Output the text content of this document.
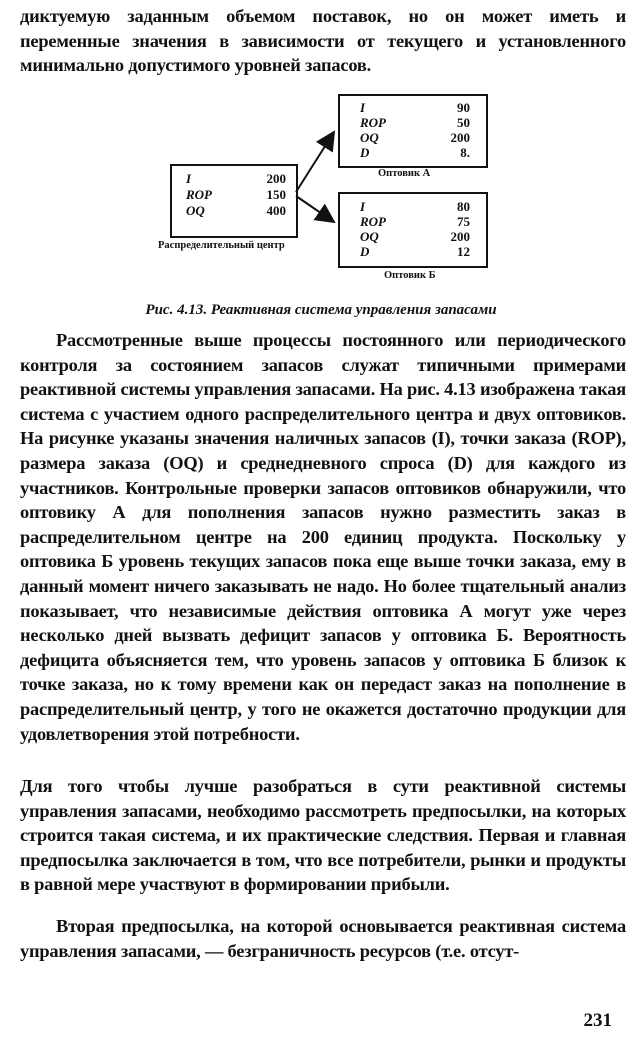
диктуемую заданным объемом поставок, но он может иметь и переменные значения в зависимости от текущего и установленного минимально допустимого уровней запасов.

I	200
ROP	150
OQ	400
Распределительный центр
I	90
ROP	50
OQ	200
D	8.
Оптовик А
I	80
ROP	75
OQ	200
D	12
Оптовик Б
Рис. 4.13. Реактивная система управления запасами

Рассмотренные выше процессы постоянного или периодического контроля за состоянием запасов служат типичными примерами реактивной системы управления запасами. На рис. 4.13 изображена такая система с участием одного распределительного центра и двух оптовиков. На рисунке указаны значения наличных запасов (I), точки заказа (ROP), размера заказа (OQ) и среднедневного спроса (D) для каждого из участников. Контрольные проверки запасов оптовиков обнаружили, что оптовику А для пополнения запасов нужно разместить заказ в распределительном центре на 200 единиц продукта. Поскольку у оптовика Б уровень текущих запасов пока еще выше точки заказа, ему в данный момент ничего заказывать не надо. Но более тщательный анализ показывает, что независимые действия оптовика А могут уже через несколько дней вызвать дефицит запасов у оптовика Б. Вероятность дефицита объясняется тем, что уровень запасов у оптовика Б близок к точке заказа, но к тому времени как он передаст заказ на пополнение в распределительный центр, у того не окажется достаточно продукции для удовлетворения этой потребности.

Для того чтобы лучше разобраться в сути реактивной системы управления запасами, необходимо рассмотреть предпосылки, на которых строится такая система, и их практические следствия. Первая и главная предпосылка заключается в том, что все потребители, рынки и продукты в равной мере участвуют в формировании прибыли.

Вторая предпосылка, на которой основывается реактивная система управления запасами, — безграничность ресурсов (т.е. отсут-

231
